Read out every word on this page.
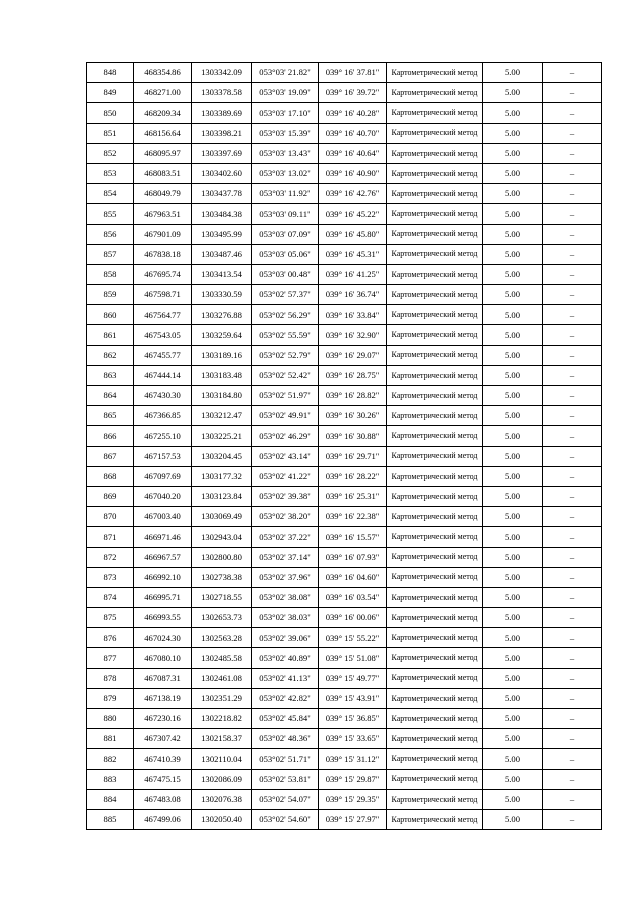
848	468354.86	1303342.09	053°03' 21.82"	039° 16' 37.81"	Картометрический метод	5.00	–
849	468271.00	1303378.58	053°03' 19.09"	039° 16' 39.72"	Картометрический метод	5.00	–
850	468209.34	1303389.69	053°03' 17.10"	039° 16' 40.28"	Картометрический метод	5.00	–
851	468156.64	1303398.21	053°03' 15.39"	039° 16' 40.70"	Картометрический метод	5.00	–
852	468095.97	1303397.69	053°03' 13.43"	039° 16' 40.64"	Картометрический метод	5.00	–
853	468083.51	1303402.60	053°03' 13.02"	039° 16' 40.90"	Картометрический метод	5.00	–
854	468049.79	1303437.78	053°03' 11.92"	039° 16' 42.76"	Картометрический метод	5.00	–
855	467963.51	1303484.38	053°03' 09.11"	039° 16' 45.22"	Картометрический метод	5.00	–
856	467901.09	1303495.99	053°03' 07.09"	039° 16' 45.80"	Картометрический метод	5.00	–
857	467838.18	1303487.46	053°03' 05.06"	039° 16' 45.31"	Картометрический метод	5.00	–
858	467695.74	1303413.54	053°03' 00.48"	039° 16' 41.25"	Картометрический метод	5.00	–
859	467598.71	1303330.59	053°02' 57.37"	039° 16' 36.74"	Картометрический метод	5.00	–
860	467564.77	1303276.88	053°02' 56.29"	039° 16' 33.84"	Картометрический метод	5.00	–
861	467543.05	1303259.64	053°02' 55.59"	039° 16' 32.90"	Картометрический метод	5.00	–
862	467455.77	1303189.16	053°02' 52.79"	039° 16' 29.07"	Картометрический метод	5.00	–
863	467444.14	1303183.48	053°02' 52.42"	039° 16' 28.75"	Картометрический метод	5.00	–
864	467430.30	1303184.80	053°02' 51.97"	039° 16' 28.82"	Картометрический метод	5.00	–
865	467366.85	1303212.47	053°02' 49.91"	039° 16' 30.26"	Картометрический метод	5.00	–
866	467255.10	1303225.21	053°02' 46.29"	039° 16' 30.88"	Картометрический метод	5.00	–
867	467157.53	1303204.45	053°02' 43.14"	039° 16' 29.71"	Картометрический метод	5.00	–
868	467097.69	1303177.32	053°02' 41.22"	039° 16' 28.22"	Картометрический метод	5.00	–
869	467040.20	1303123.84	053°02' 39.38"	039° 16' 25.31"	Картометрический метод	5.00	–
870	467003.40	1303069.49	053°02' 38.20"	039° 16' 22.38"	Картометрический метод	5.00	–
871	466971.46	1302943.04	053°02' 37.22"	039° 16' 15.57"	Картометрический метод	5.00	–
872	466967.57	1302800.80	053°02' 37.14"	039° 16' 07.93"	Картометрический метод	5.00	–
873	466992.10	1302738.38	053°02' 37.96"	039° 16' 04.60"	Картометрический метод	5.00	–
874	466995.71	1302718.55	053°02' 38.08"	039° 16' 03.54"	Картометрический метод	5.00	–
875	466993.55	1302653.73	053°02' 38.03"	039° 16' 00.06"	Картометрический метод	5.00	–
876	467024.30	1302563.28	053°02' 39.06"	039° 15' 55.22"	Картометрический метод	5.00	–
877	467080.10	1302485.58	053°02' 40.89"	039° 15' 51.08"	Картометрический метод	5.00	–
878	467087.31	1302461.08	053°02' 41.13"	039° 15' 49.77"	Картометрический метод	5.00	–
879	467138.19	1302351.29	053°02' 42.82"	039° 15' 43.91"	Картометрический метод	5.00	–
880	467230.16	1302218.82	053°02' 45.84"	039° 15' 36.85"	Картометрический метод	5.00	–
881	467307.42	1302158.37	053°02' 48.36"	039° 15' 33.65"	Картометрический метод	5.00	–
882	467410.39	1302110.04	053°02' 51.71"	039° 15' 31.12"	Картометрический метод	5.00	–
883	467475.15	1302086.09	053°02' 53.81"	039° 15' 29.87"	Картометрический метод	5.00	–
884	467483.08	1302076.38	053°02' 54.07"	039° 15' 29.35"	Картометрический метод	5.00	–
885	467499.06	1302050.40	053°02' 54.60"	039° 15' 27.97"	Картометрический метод	5.00	–
